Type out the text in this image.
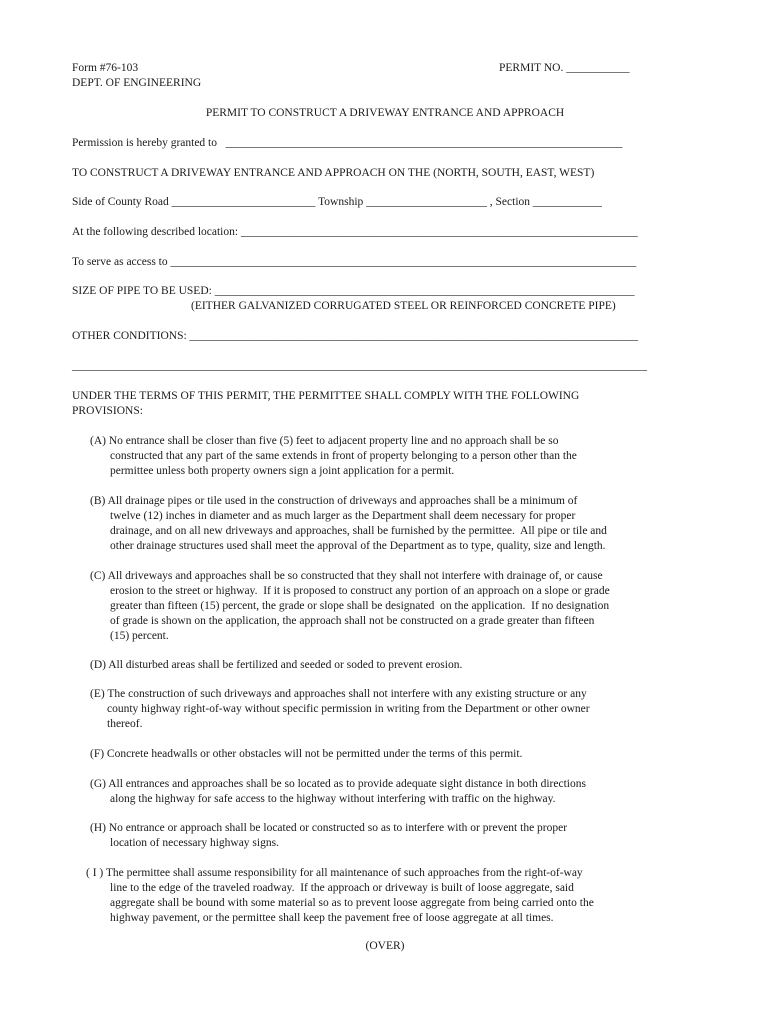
Form #76-103
DEPT. OF ENGINEERING
PERMIT NO. ___________
PERMIT TO CONSTRUCT A DRIVEWAY ENTRANCE AND APPROACH
Permission is hereby granted to   _____________________________________________________________________
TO CONSTRUCT A DRIVEWAY ENTRANCE AND APPROACH ON THE (NORTH, SOUTH, EAST, WEST)
Side of County Road _________________________ Township _____________________ , Section ____________
At the following described location: _____________________________________________________________________
To serve as access to _________________________________________________________________________________
SIZE OF PIPE TO BE USED: _________________________________________________________________________
(EITHER GALVANIZED CORRUGATED STEEL OR REINFORCED CONCRETE PIPE)
OTHER CONDITIONS: ______________________________________________________________________________
____________________________________________________________________________________________________
UNDER THE TERMS OF THIS PERMIT, THE PERMITTEE SHALL COMPLY WITH THE FOLLOWING
PROVISIONS:
(A) No entrance shall be closer than five (5) feet to adjacent property line and no approach shall be so
constructed that any part of the same extends in front of property belonging to a person other than the
permittee unless both property owners sign a joint application for a permit.
(B) All drainage pipes or tile used in the construction of driveways and approaches shall be a minimum of
twelve (12) inches in diameter and as much larger as the Department shall deem necessary for proper
drainage, and on all new driveways and approaches, shall be furnished by the permittee.  All pipe or tile and
other drainage structures used shall meet the approval of the Department as to type, quality, size and length.
(C) All driveways and approaches shall be so constructed that they shall not interfere with drainage of, or cause
erosion to the street or highway.  If it is proposed to construct any portion of an approach on a slope or grade
greater than fifteen (15) percent, the grade or slope shall be designated  on the application.  If no designation
of grade is shown on the application, the approach shall not be constructed on a grade greater than fifteen
(15) percent.
(D) All disturbed areas shall be fertilized and seeded or soded to prevent erosion.
(E) The construction of such driveways and approaches shall not interfere with any existing structure or any
county highway right-of-way without specific permission in writing from the Department or other owner
thereof.
(F) Concrete headwalls or other obstacles will not be permitted under the terms of this permit.
(G) All entrances and approaches shall be so located as to provide adequate sight distance in both directions
along the highway for safe access to the highway without interfering with traffic on the highway.
(H) No entrance or approach shall be located or constructed so as to interfere with or prevent the proper
location of necessary highway signs.
( I ) The permittee shall assume responsibility for all maintenance of such approaches from the right-of-way
line to the edge of the traveled roadway.  If the approach or driveway is built of loose aggregate, said
aggregate shall be bound with some material so as to prevent loose aggregate from being carried onto the
highway pavement, or the permittee shall keep the pavement free of loose aggregate at all times.
(OVER)
